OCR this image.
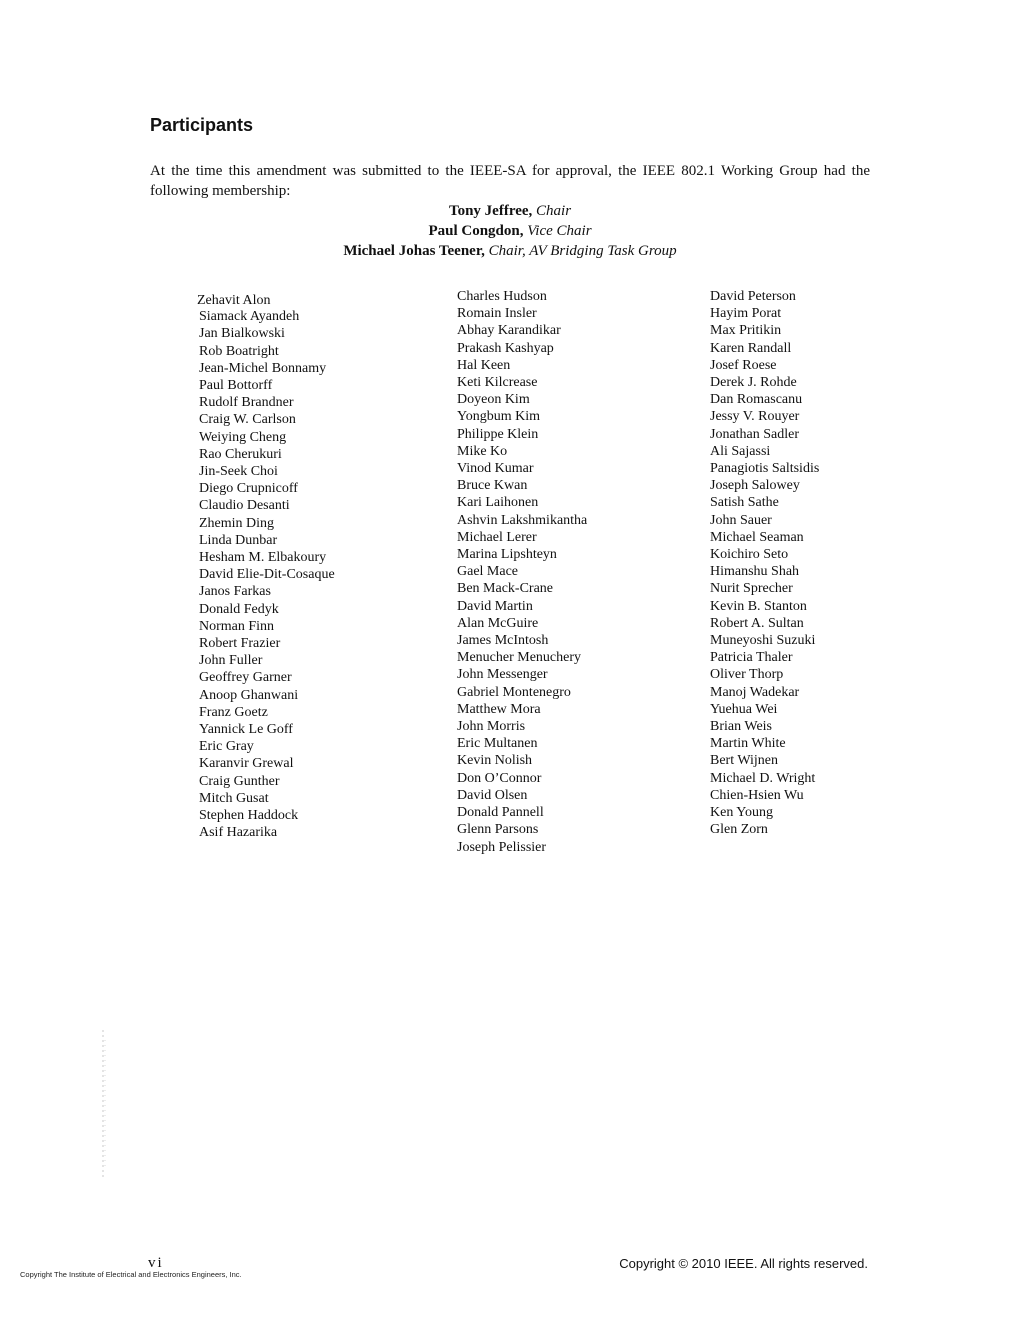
Participants

At the time this amendment was submitted to the IEEE-SA for approval, the IEEE 802.1 Working Group had the following membership:

Tony Jeffree, Chair
Paul Congdon, Vice Chair
Michael Johas Teener, Chair, AV Bridging Task Group
Zehavit Alon
Siamack Ayandeh
Jan Bialkowski
Rob Boatright
Jean-Michel Bonnamy
Paul Bottorff
Rudolf Brandner
Craig W. Carlson
Weiying Cheng
Rao Cherukuri
Jin-Seek Choi
Diego Crupnicoff
Claudio Desanti
Zhemin Ding
Linda Dunbar
Hesham M. Elbakoury
David Elie-Dit-Cosaque
Janos Farkas
Donald Fedyk
Norman Finn
Robert Frazier
John Fuller
Geoffrey Garner
Anoop Ghanwani
Franz Goetz
Yannick Le Goff
Eric Gray
Karanvir Grewal
Craig Gunther
Mitch Gusat
Stephen Haddock
Asif Hazarika
Charles Hudson
Romain Insler
Abhay Karandikar
Prakash Kashyap
Hal Keen
Keti Kilcrease
Doyeon Kim
Yongbum Kim
Philippe Klein
Mike Ko
Vinod Kumar
Bruce Kwan
Kari Laihonen
Ashvin Lakshmikantha
Michael Lerer
Marina Lipshteyn
Gael Mace
Ben Mack-Crane
David Martin
Alan McGuire
James McIntosh
Menucher Menuchery
John Messenger
Gabriel Montenegro
Matthew Mora
John Morris
Eric Multanen
Kevin Nolish
Don O’Connor
David Olsen
Donald Pannell
Glenn Parsons
Joseph Pelissier
David Peterson
Hayim Porat
Max Pritikin
Karen Randall
Josef Roese
Derek J. Rohde
Dan Romascanu
Jessy V. Rouyer
Jonathan Sadler
Ali Sajassi
Panagiotis Saltsidis
Joseph Salowey
Satish Sathe
John Sauer
Michael Seaman
Koichiro Seto
Himanshu Shah
Nurit Sprecher
Kevin B. Stanton
Robert A. Sultan
Muneyoshi Suzuki
Patricia Thaler
Oliver Thorp
Manoj Wadekar
Yuehua Wei
Brian Weis
Martin White
Bert Wijnen
Michael D. Wright
Chien-Hsien Wu
Ken Young
Glen Zorn
vi
Copyright The Institute of Electrical and Electronics Engineers, Inc.
Copyright © 2010 IEEE. All rights reserved.
